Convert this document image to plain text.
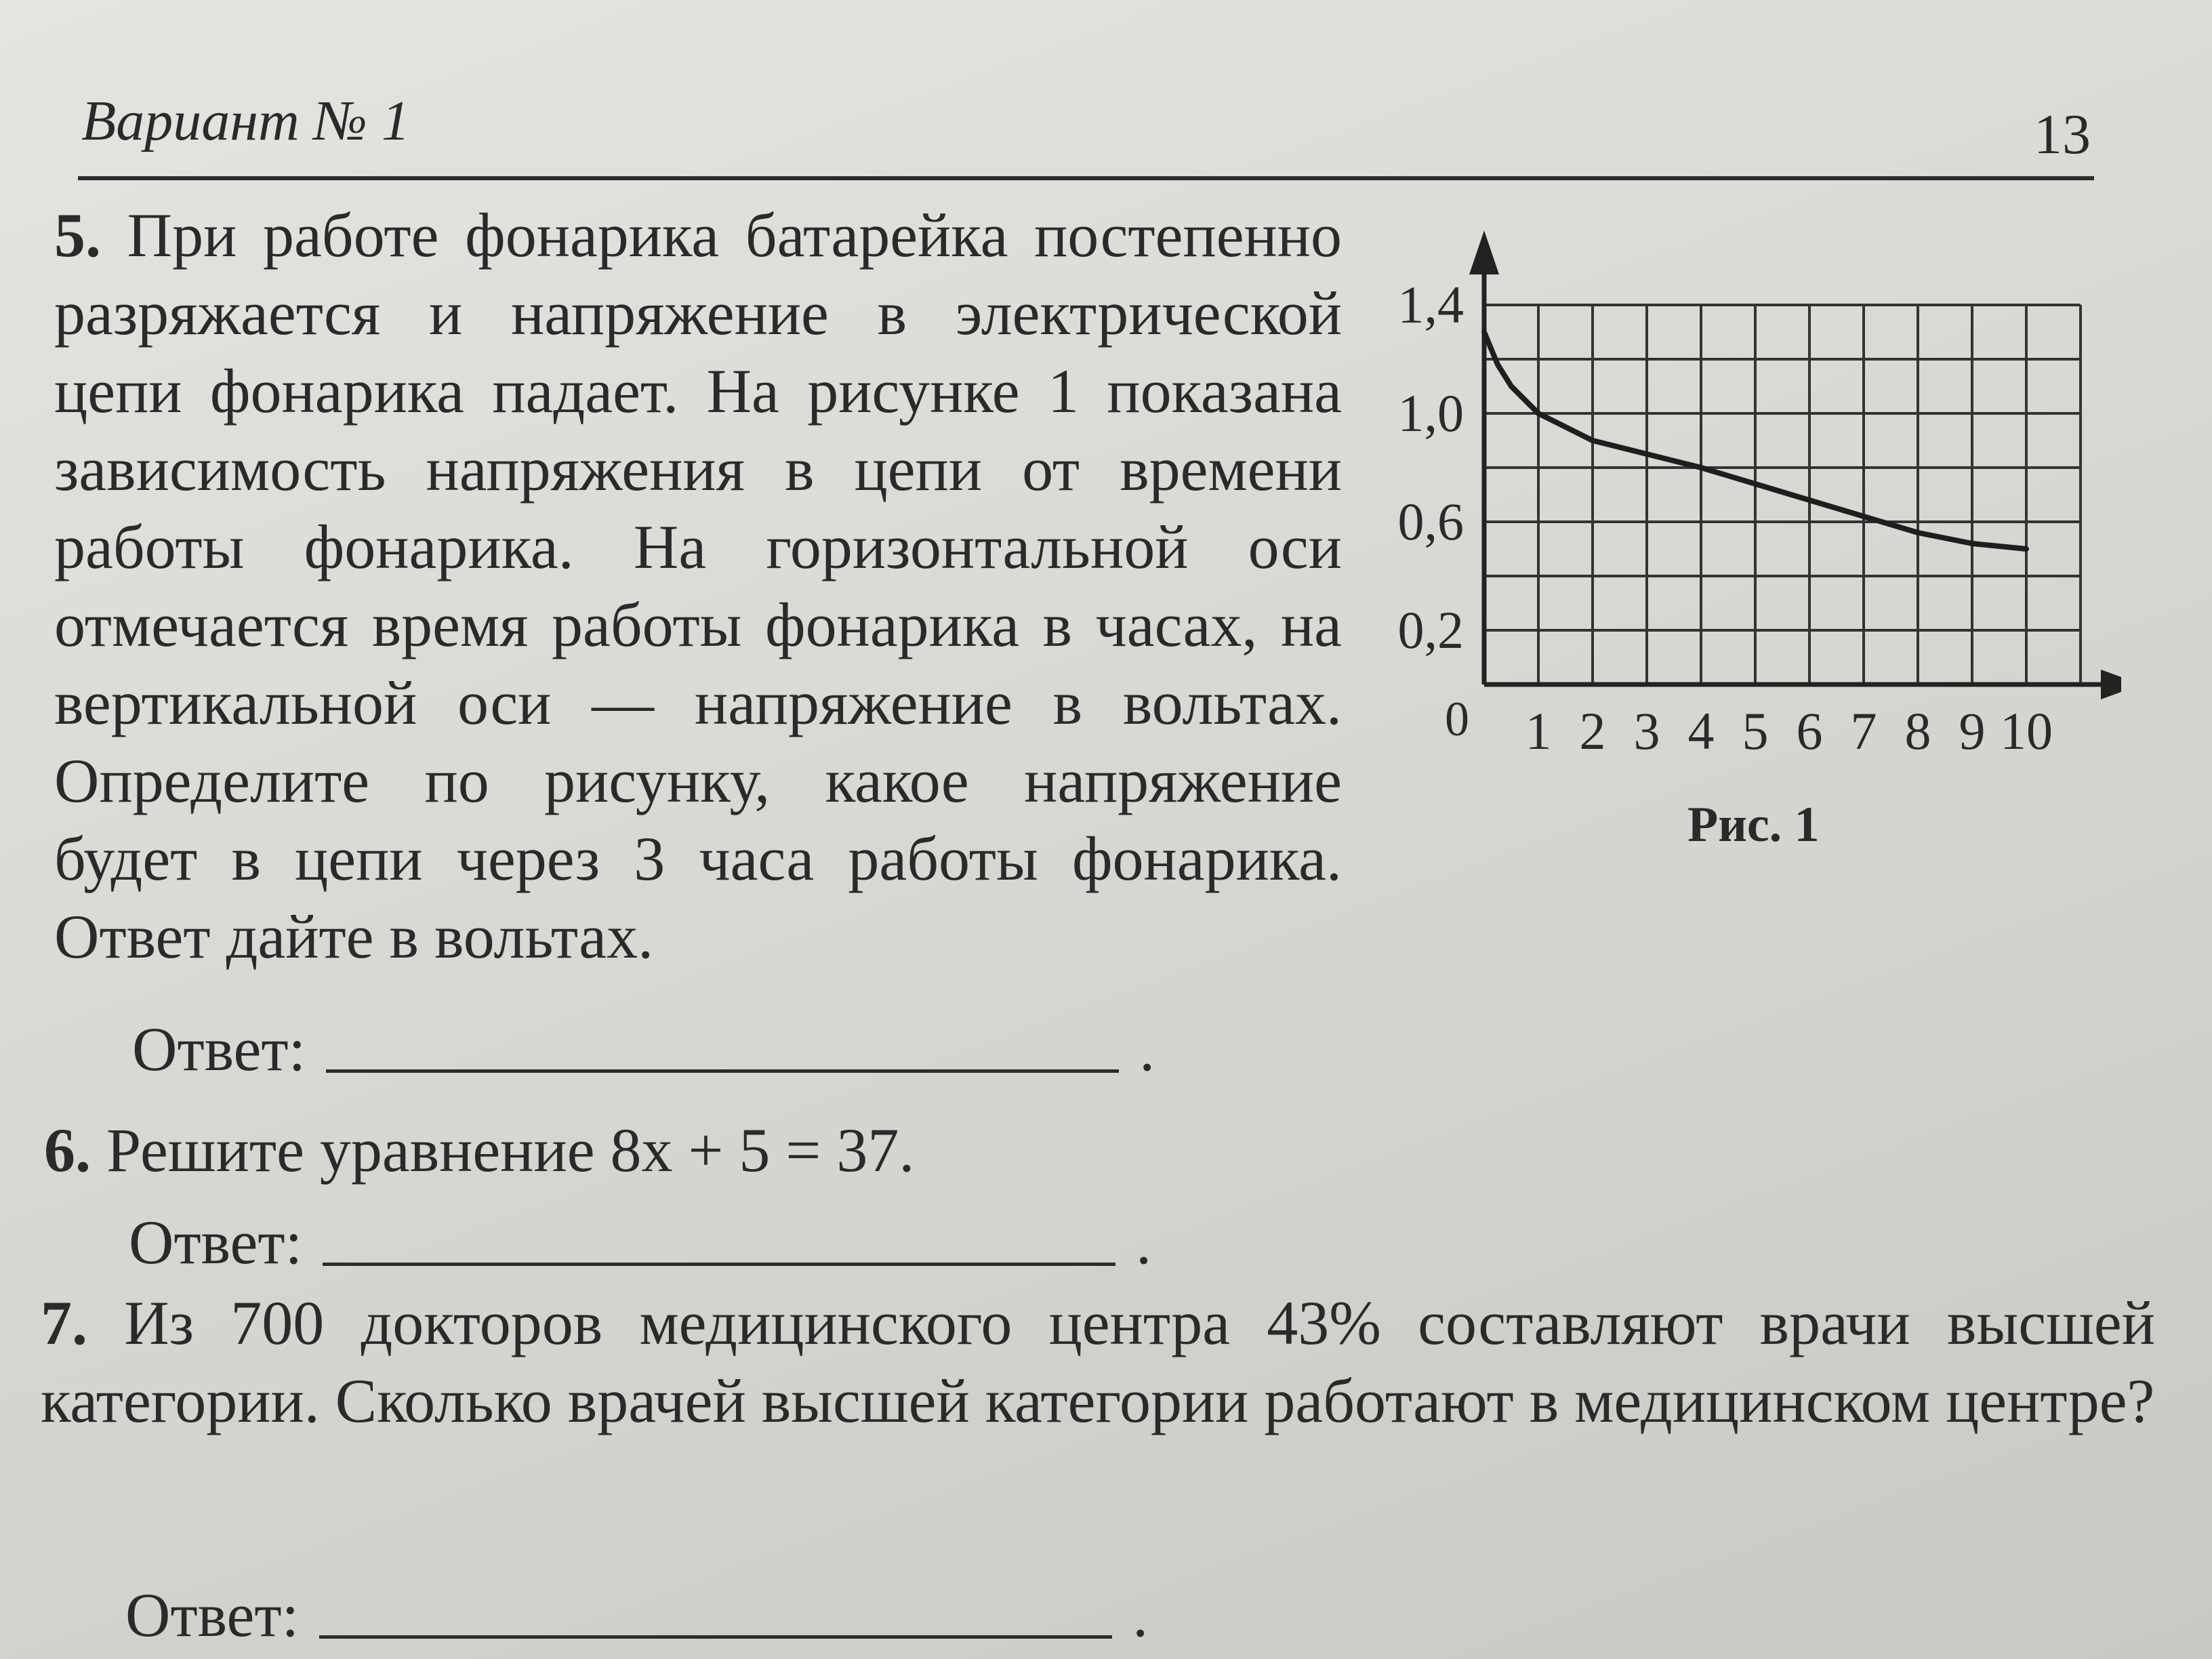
Вариант № 1	13
5. При работе фонарика батарейка постепенно разряжается и напряжение в электрической цепи фонарика падает. На рисунке 1 показана зависимость напряжения в цепи от времени работы фонарика. На горизонтальной оси отмечается время работы фонарика в часах, на вертикальной оси — напряжение в вольтах. Определите по рисунку, какое напряжение будет в цепи через 3 часа работы фонарика. Ответ дайте в вольтах.
Ответ:	.
0 1 2 3 4 5 6 7 8 9 10
1,4
1,0
0,6
0,2
Рис. 1
6. Решите уравнение 8x + 5 = 37.
Ответ:	.
7. Из 700 докторов медицинского центра 43% составляют врачи высшей категории. Сколько врачей высшей категории работают в медицинском центре?
Ответ:	.
